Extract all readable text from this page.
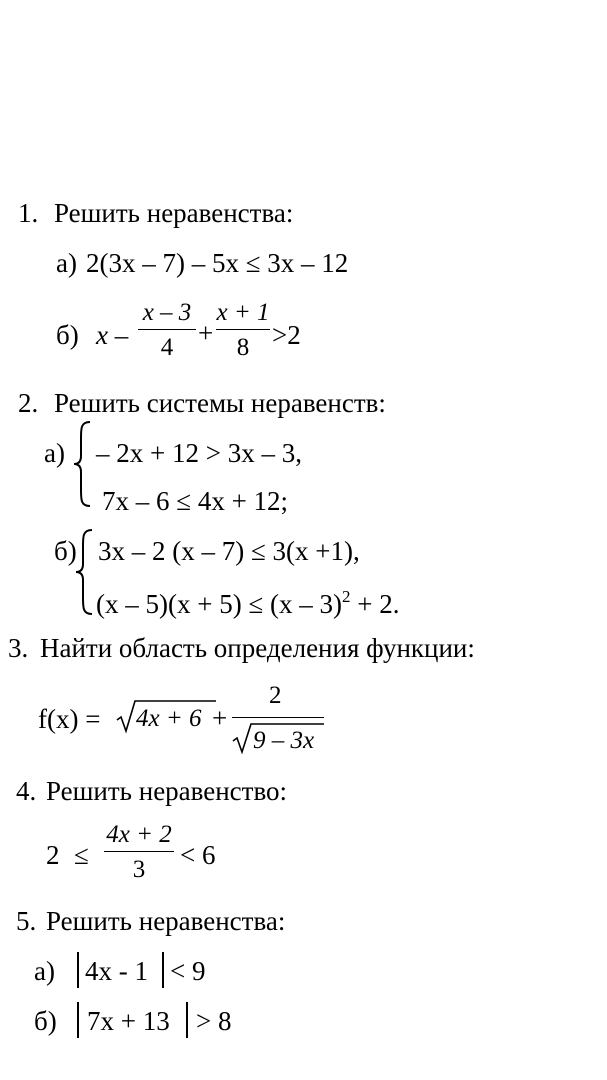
1. Решить неравенства:
а) 2(3x – 7) – 5x ≤ 3x – 12
б) x –
x – 3
4 +
x + 1
8 >2
2. Решить системы неравенств:
а) – 2x + 12 > 3x – 3,
7x – 6 ≤ 4x + 12;
б) 3x – 2 (x – 7) ≤ 3(x +1),
(x – 5)(x + 5) ≤ (x – 3)$^2$ + 2.
3. Найти область определения функции:
f(x) = 4x + 6 +
2
9 – 3x
4. Решить неравенство:
2 ≤
4x + 2
3	< 6
5. Решить неравенства:
а) 4x - 1 < 9
б) 7x + 13 > 8
